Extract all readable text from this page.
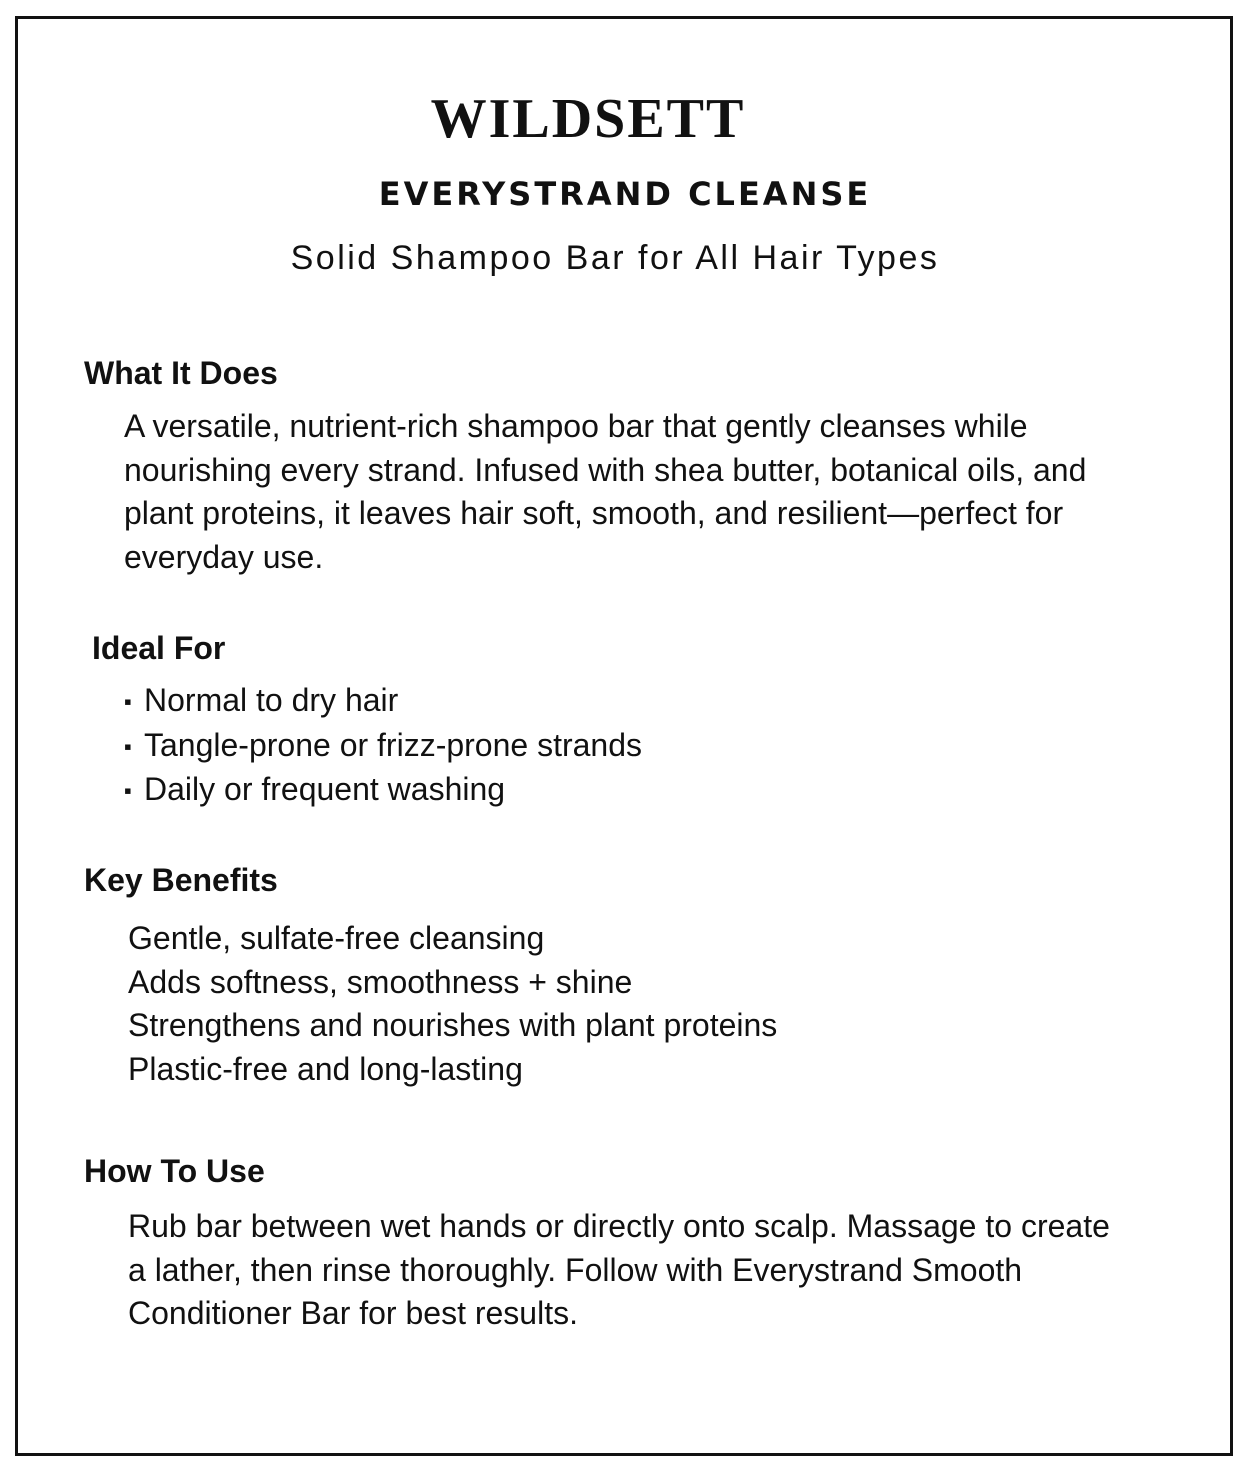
WILDSETT
EVERYSTRAND CLEANSE

Solid Shampoo Bar for All Hair Types

What It Does
A versatile, nutrient-rich shampoo bar that gently cleanses while
nourishing every strand. Infused with shea butter, botanical oils, and
plant proteins, it leaves hair soft, smooth, and resilient—perfect for
everyday use.
Ideal For
▪ Normal to dry hair
▪ Tangle-prone or frizz-prone strands
▪ Daily or frequent washing
Key Benefits
Gentle, sulfate-free cleansing
Adds softness, smoothness + shine
Strengthens and nourishes with plant proteins
Plastic-free and long-lasting
How To Use
Rub bar between wet hands or directly onto scalp. Massage to create
a lather, then rinse thoroughly. Follow with Everystrand Smooth
Conditioner Bar for best results.
